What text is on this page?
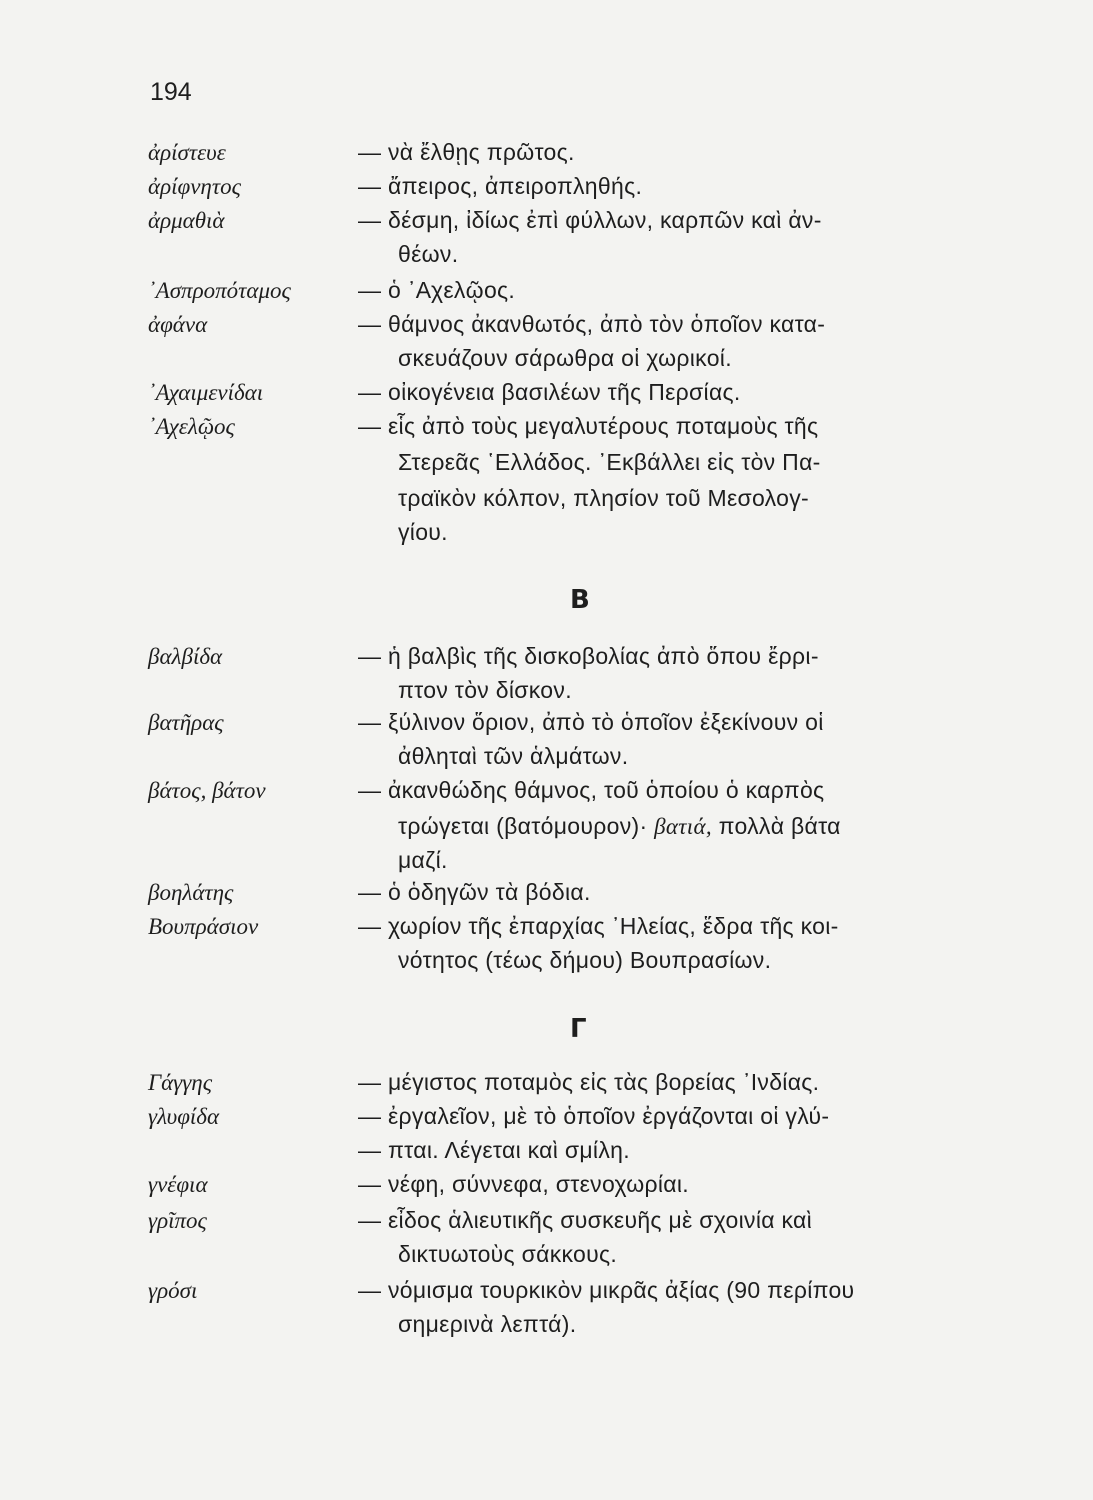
194
ἀρίστευε	— νὰ ἔλθῃς πρῶτος.
ἀρίφνητος	— ἄπειρος, ἀπειροπληθής.
ἀρμαθιὰ	— δέσμη, ἰδίως ἐπὶ φύλλων, καρπῶν καὶ ἀν-
θέων.
᾿Ασπροπόταμος	— ὁ ᾿Αχελῷος.
ἀφάνα	— θάμνος ἀκανθωτός, ἀπὸ τὸν ὁποῖον κατα-
σκευάζουν σάρωθρα οἱ χωρικοί.
᾿Αχαιμενίδαι	— οἰκογένεια βασιλέων τῆς Περσίας.
᾿Αχελῷος	— εἷς ἀπὸ τοὺς μεγαλυτέρους ποταμοὺς τῆς
Στερεᾶς ῾Ελλάδος. ᾿Εκβάλλει εἰς τὸν Πα-
τραϊκὸν κόλπον, πλησίον τοῦ Μεσολογ-
γίου.
B
βαλβίδα	— ἡ βαλβὶς τῆς δισκοβολίας ἀπὸ ὅπου ἔρρι-
πτον τὸν δίσκον.
βατῆρας	— ξύλινον ὅριον, ἀπὸ τὸ ὁποῖον ἐξεκίνουν οἱ
ἀθληταὶ τῶν ἁλμάτων.
βάτος, βάτον	— ἀκανθώδης θάμνος, τοῦ ὁποίου ὁ καρπὸς
τρώγεται (βατόμουρον)· βατιά, πολλὰ βάτα
μαζί.
βοηλάτης	— ὁ ὁδηγῶν τὰ βόδια.
Βουπράσιον	— χωρίον τῆς ἐπαρχίας ᾿Ηλείας, ἕδρα τῆς κοι-
νότητος (τέως δήμου) Βουπρασίων.
Γ
Γάγγης	— μέγιστος ποταμὸς εἰς τὰς βορείας ᾿Ινδίας.
γλυφίδα	— ἐργαλεῖον, μὲ τὸ ὁποῖον ἐργάζονται οἱ γλύ-
— πται. Λέγεται καὶ σμίλη.
γνέφια	— νέφη, σύννεφα, στενοχωρίαι.
γρῖπος	— εἶδος ἁλιευτικῆς συσκευῆς μὲ σχοινία καὶ
δικτυωτοὺς σάκκους.
γρόσι	— νόμισμα τουρκικὸν μικρᾶς ἀξίας (90 περίπου
σημερινὰ λεπτά).
